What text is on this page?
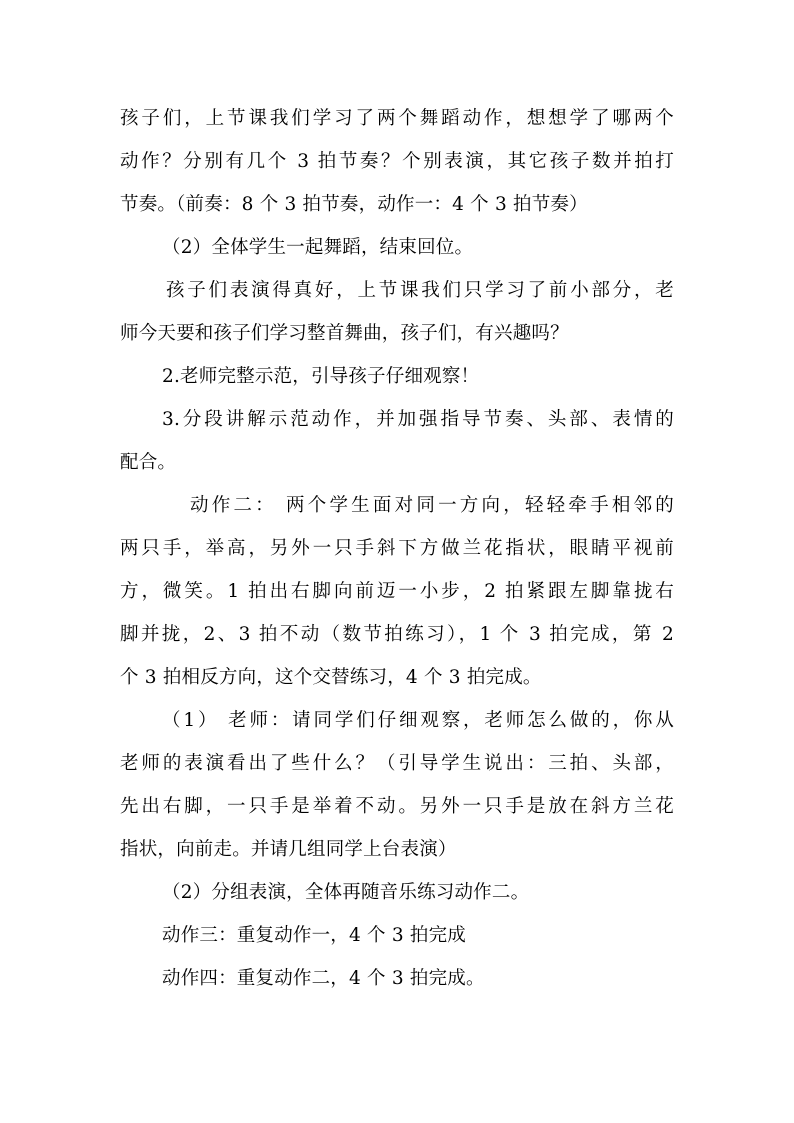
孩子们，上节课我们学习了两个舞蹈动作，想想学了哪两个
动作？分别有几个 3 拍节奏？个别表演，其它孩子数并拍打
节奏。（前奏：8 个 3 拍节奏，动作一：4 个 3 拍节奏）
（2）全体学生一起舞蹈，结束回位。
孩子们表演得真好，上节课我们只学习了前小部分，老
师今天要和孩子们学习整首舞曲，孩子们，有兴趣吗？
2.老师完整示范，引导孩子仔细观察！
3.分段讲解示范动作，并加强指导节奏、头部、表情的
配合。
动作二： 两个学生面对同一方向，轻轻牵手相邻的
两只手，举高，另外一只手斜下方做兰花指状，眼睛平视前
方，微笑。1 拍出右脚向前迈一小步，2 拍紧跟左脚靠拢右
脚并拢，2、3 拍不动（数节拍练习），1 个 3 拍完成，第 2
个 3 拍相反方向，这个交替练习，4 个 3 拍完成。
（1） 老师：请同学们仔细观察，老师怎么做的，你从
老师的表演看出了些什么？（引导学生说出：三拍、头部，
先出右脚，一只手是举着不动。另外一只手是放在斜方兰花
指状，向前走。并请几组同学上台表演）
（2）分组表演，全体再随音乐练习动作二。
动作三：重复动作一，4 个 3 拍完成
动作四：重复动作二，4 个 3 拍完成。
